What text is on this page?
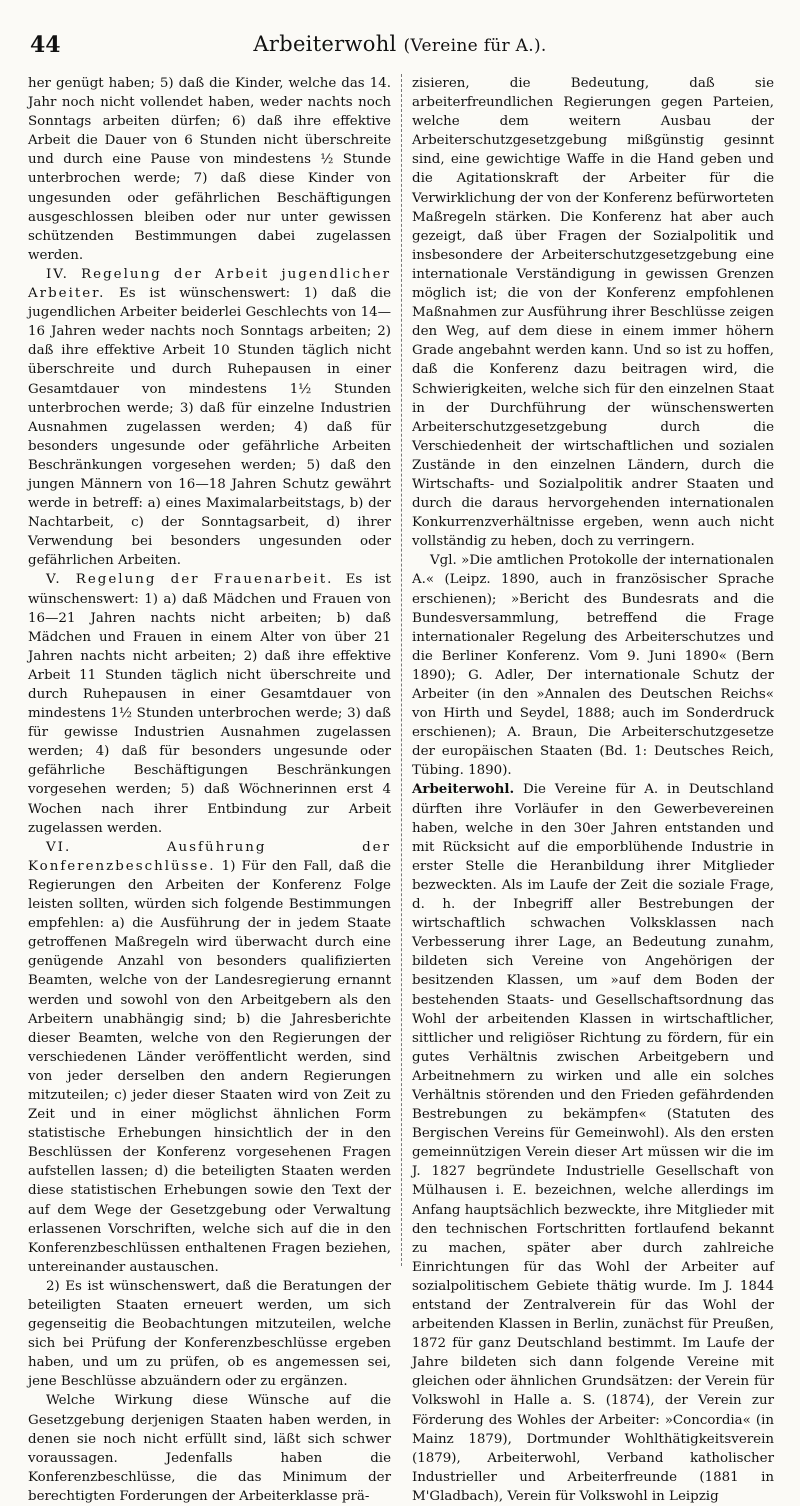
44	Arbeiterwohl (Vereine für A.).

her genügt haben; 5) daß die Kinder, welche das 14. Jahr noch nicht vollendet haben, weder nachts noch Sonntags arbeiten dürfen; 6) daß ihre effektive Arbeit die Dauer von 6 Stunden nicht überschreite und durch eine Pause von mindestens ½ Stunde unterbrochen werde; 7) daß diese Kinder von ungesunden oder gefährlichen Beschäftigungen ausgeschlossen bleiben oder nur unter gewissen schützenden Bestimmungen dabei zugelassen werden.

IV. Regelung der Arbeit jugendlicher Arbeiter. Es ist wünschenswert: 1) daß die jugendlichen Arbeiter beiderlei Geschlechts von 14—16 Jahren weder nachts noch Sonntags arbeiten; 2) daß ihre effektive Arbeit 10 Stunden täglich nicht überschreite und durch Ruhepausen in einer Gesamtdauer von mindestens 1½ Stunden unterbrochen werde; 3) daß für einzelne Industrien Ausnahmen zugelassen werden; 4) daß für besonders ungesunde oder gefährliche Arbeiten Beschränkungen vorgesehen werden; 5) daß den jungen Männern von 16—18 Jahren Schutz gewährt werde in betreff: a) eines Maximalarbeitstags, b) der Nachtarbeit, c) der Sonntagsarbeit, d) ihrer Verwendung bei besonders ungesunden oder gefährlichen Arbeiten.

V. Regelung der Frauenarbeit. Es ist wünschenswert: 1) a) daß Mädchen und Frauen von 16—21 Jahren nachts nicht arbeiten; b) daß Mädchen und Frauen in einem Alter von über 21 Jahren nachts nicht arbeiten; 2) daß ihre effektive Arbeit 11 Stunden täglich nicht überschreite und durch Ruhepausen in einer Gesamtdauer von mindestens 1½ Stunden unterbrochen werde; 3) daß für gewisse Industrien Ausnahmen zugelassen werden; 4) daß für besonders ungesunde oder gefährliche Beschäftigungen Beschränkungen vorgesehen werden; 5) daß Wöchnerinnen erst 4 Wochen nach ihrer Entbindung zur Arbeit zugelassen werden.

VI. Ausführung der Konferenzbeschlüsse. 1) Für den Fall, daß die Regierungen den Arbeiten der Konferenz Folge leisten sollten, würden sich folgende Bestimmungen empfehlen: a) die Ausführung der in jedem Staate getroffenen Maßregeln wird überwacht durch eine genügende Anzahl von besonders qualifizierten Beamten, welche von der Landesregierung ernannt werden und sowohl von den Arbeitgebern als den Arbeitern unabhängig sind; b) die Jahresberichte dieser Beamten, welche von den Regierungen der verschiedenen Länder veröffentlicht werden, sind von jeder derselben den andern Regierungen mitzuteilen; c) jeder dieser Staaten wird von Zeit zu Zeit und in einer möglichst ähnlichen Form statistische Erhebungen hinsichtlich der in den Beschlüssen der Konferenz vorgesehenen Fragen aufstellen lassen; d) die beteiligten Staaten werden diese statistischen Erhebungen sowie den Text der auf dem Wege der Gesetzgebung oder Verwaltung erlassenen Vorschriften, welche sich auf die in den Konferenzbeschlüssen enthaltenen Fragen beziehen, untereinander austauschen.

2) Es ist wünschenswert, daß die Beratungen der beteiligten Staaten erneuert werden, um sich gegenseitig die Beobachtungen mitzuteilen, welche sich bei Prüfung der Konferenzbeschlüsse ergeben haben, und um zu prüfen, ob es angemessen sei, jene Beschlüsse abzuändern oder zu ergänzen.

Welche Wirkung diese Wünsche auf die Gesetzgebung derjenigen Staaten haben werden, in denen sie noch nicht erfüllt sind, läßt sich schwer voraussagen. Jedenfalls haben die Konferenzbeschlüsse, die das Minimum der berechtigten Forderungen der Arbeiterklasse prä-

zisieren, die Bedeutung, daß sie arbeiterfreundlichen Regierungen gegen Parteien, welche dem weitern Ausbau der Arbeiterschutzgesetzgebung mißgünstig gesinnt sind, eine gewichtige Waffe in die Hand geben und die Agitationskraft der Arbeiter für die Verwirklichung der von der Konferenz befürworteten Maßregeln stärken. Die Konferenz hat aber auch gezeigt, daß über Fragen der Sozialpolitik und insbesondere der Arbeiterschutzgesetzgebung eine internationale Verständigung in gewissen Grenzen möglich ist; die von der Konferenz empfohlenen Maßnahmen zur Ausführung ihrer Beschlüsse zeigen den Weg, auf dem diese in einem immer höhern Grade angebahnt werden kann. Und so ist zu hoffen, daß die Konferenz dazu beitragen wird, die Schwierigkeiten, welche sich für den einzelnen Staat in der Durchführung der wünschenswerten Arbeiterschutzgesetzgebung durch die Verschiedenheit der wirtschaftlichen und sozialen Zustände in den einzelnen Ländern, durch die Wirtschafts- und Sozialpolitik andrer Staaten und durch die daraus hervorgehenden internationalen Konkurrenzverhältnisse ergeben, wenn auch nicht vollständig zu heben, doch zu verringern.

Vgl. »Die amtlichen Protokolle der internationalen A.« (Leipz. 1890, auch in französischer Sprache erschienen); »Bericht des Bundesrats and die Bundesversammlung, betreffend die Frage internationaler Regelung des Arbeiterschutzes und die Berliner Konferenz. Vom 9. Juni 1890« (Bern 1890); G. Adler, Der internationale Schutz der Arbeiter (in den »Annalen des Deutschen Reichs« von Hirth und Seydel, 1888; auch im Sonderdruck erschienen); A. Braun, Die Arbeiterschutzgesetze der europäischen Staaten (Bd. 1: Deutsches Reich, Tübing. 1890).

Arbeiterwohl. Die Vereine für A. in Deutschland dürften ihre Vorläufer in den Gewerbevereinen haben, welche in den 30er Jahren entstanden und mit Rücksicht auf die emporblühende Industrie in erster Stelle die Heranbildung ihrer Mitglieder bezweckten. Als im Laufe der Zeit die soziale Frage, d. h. der Inbegriff aller Bestrebungen der wirtschaftlich schwachen Volksklassen nach Verbesserung ihrer Lage, an Bedeutung zunahm, bildeten sich Vereine von Angehörigen der besitzenden Klassen, um »auf dem Boden der bestehenden Staats- und Gesellschaftsordnung das Wohl der arbeitenden Klassen in wirtschaftlicher, sittlicher und religiöser Richtung zu fördern, für ein gutes Verhältnis zwischen Arbeitgebern und Arbeitnehmern zu wirken und alle ein solches Verhältnis störenden und den Frieden gefährdenden Bestrebungen zu bekämpfen« (Statuten des Bergischen Vereins für Gemeinwohl). Als den ersten gemeinnützigen Verein dieser Art müssen wir die im J. 1827 begründete Industrielle Gesellschaft von Mülhausen i. E. bezeichnen, welche allerdings im Anfang hauptsächlich bezweckte, ihre Mitglieder mit den technischen Fortschritten fortlaufend bekannt zu machen, später aber durch zahlreiche Einrichtungen für das Wohl der Arbeiter auf sozialpolitischem Gebiete thätig wurde. Im J. 1844 entstand der Zentralverein für das Wohl der arbeitenden Klassen in Berlin, zunächst für Preußen, 1872 für ganz Deutschland bestimmt. Im Laufe der Jahre bildeten sich dann folgende Vereine mit gleichen oder ähnlichen Grundsätzen: der Verein für Volkswohl in Halle a. S. (1874), der Verein zur Förderung des Wohles der Arbeiter: »Concordia« (in Mainz 1879), Dortmunder Wohlthätigkeitsverein (1879), Arbeiterwohl, Verband katholischer Industrieller und Arbeiterfreunde (1881 in M'Gladbach), Verein für Volkswohl in Leipzig
